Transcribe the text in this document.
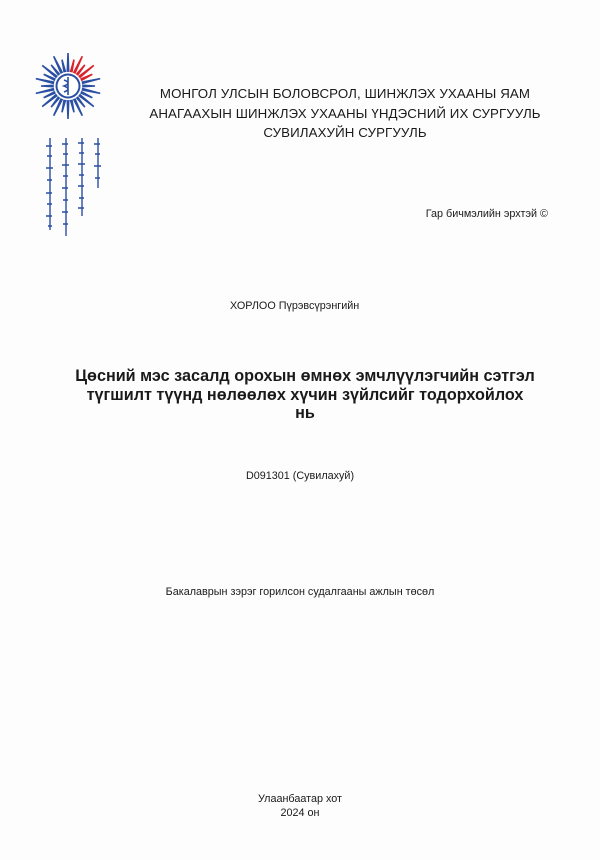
МОНГОЛ УЛСЫН БОЛОВСРОЛ, ШИНЖЛЭХ УХААНЫ ЯАМ
АНАГААХЫН ШИНЖЛЭХ УХААНЫ ҮНДЭСНИЙ ИХ СУРГУУЛЬ
СУВИЛАХУЙН СУРГУУЛЬ
Гар бичмэлийн эрхтэй ©
ХОРЛОО Пүрэвсүрэнгийн
Цөсний мэс засалд орохын өмнөх эмчлүүлэгчийн сэтгэл
түгшилт түүнд нөлөөлөх хүчин зүйлсийг тодорхойлох
нь
D091301 (Сувилахуй)
Бакалаврын зэрэг горилсон судалгааны ажлын төсөл
Улаанбаатар хот
2024 он
